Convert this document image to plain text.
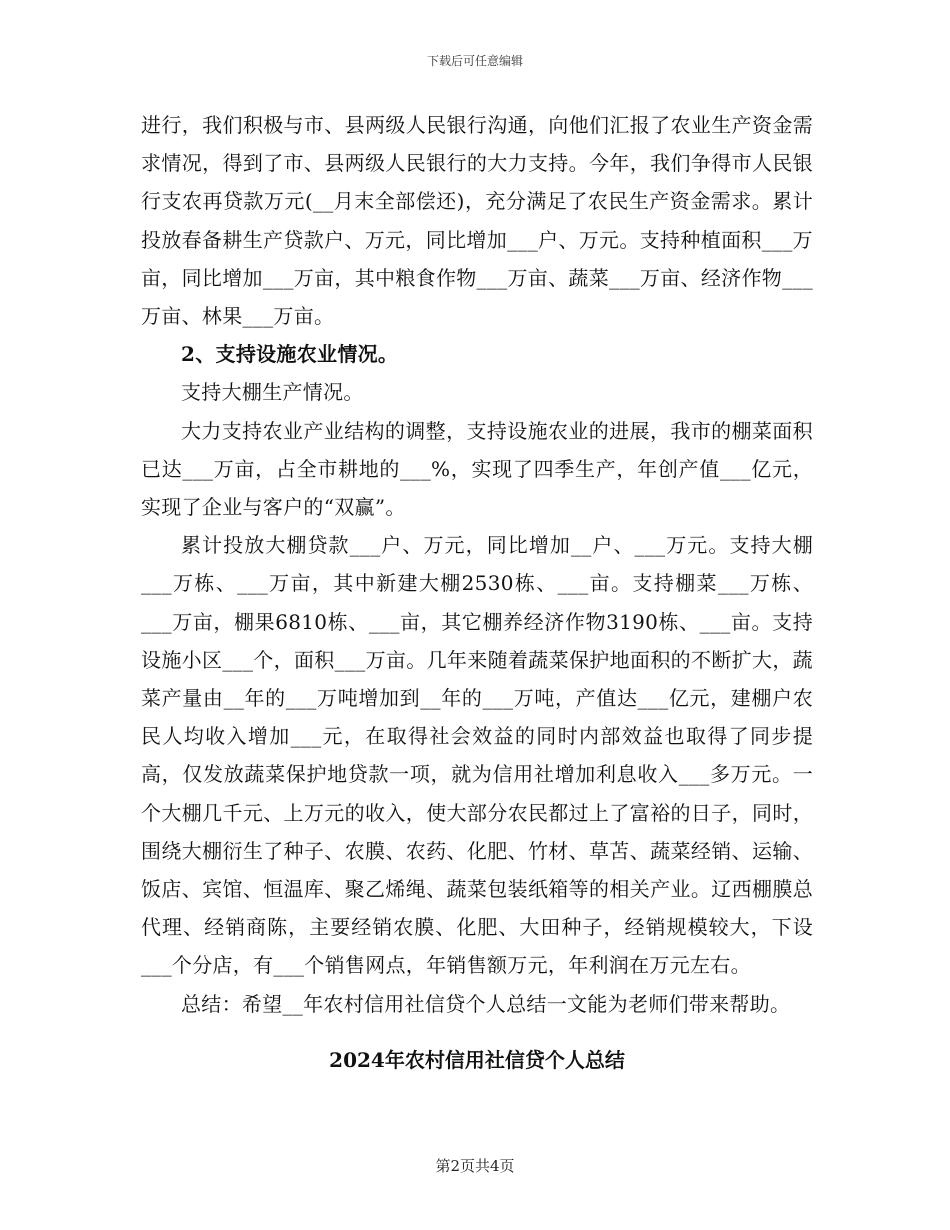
下载后可任意编辑

进行，我们积极与市、县两级人民银行沟通，向他们汇报了农业生产资金需求情况，得到了市、县两级人民银行的大力支持。今年，我们争得市人民银行支农再贷款万元(__月末全部偿还)，充分满足了农民生产资金需求。累计投放春备耕生产贷款户、万元，同比增加___户、万元。支持种植面积___万亩，同比增加___万亩，其中粮食作物___万亩、蔬菜___万亩、经济作物___万亩、林果___万亩。

2、支持设施农业情况。

支持大棚生产情况。

大力支持农业产业结构的调整，支持设施农业的进展，我市的棚菜面积已达___万亩，占全市耕地的___%，实现了四季生产，年创产值___亿元，实现了企业与客户的“双赢”。

累计投放大棚贷款___户、万元，同比增加__户、___万元。支持大棚___万栋、___万亩，其中新建大棚2530栋、___亩。支持棚菜___万栋、___万亩，棚果6810栋、___亩，其它棚养经济作物3190栋、___亩。支持设施小区___个，面积___万亩。几年来随着蔬菜保护地面积的不断扩大，蔬菜产量由__年的___万吨增加到__年的___万吨，产值达___亿元，建棚户农民人均收入增加___元，在取得社会效益的同时内部效益也取得了同步提高，仅发放蔬菜保护地贷款一项，就为信用社增加利息收入___多万元。一个大棚几千元、上万元的收入，使大部分农民都过上了富裕的日子，同时，围绕大棚衍生了种子、农膜、农药、化肥、竹材、草苫、蔬菜经销、运输、饭店、宾馆、恒温库、聚乙烯绳、蔬菜包装纸箱等的相关产业。辽西棚膜总代理、经销商陈，主要经销农膜、化肥、大田种子，经销规模较大，下设___个分店，有___个销售网点，年销售额万元，年利润在万元左右。

总结：希望__年农村信用社信贷个人总结一文能为老师们带来帮助。

2024年农村信用社信贷个人总结

第2页共4页
